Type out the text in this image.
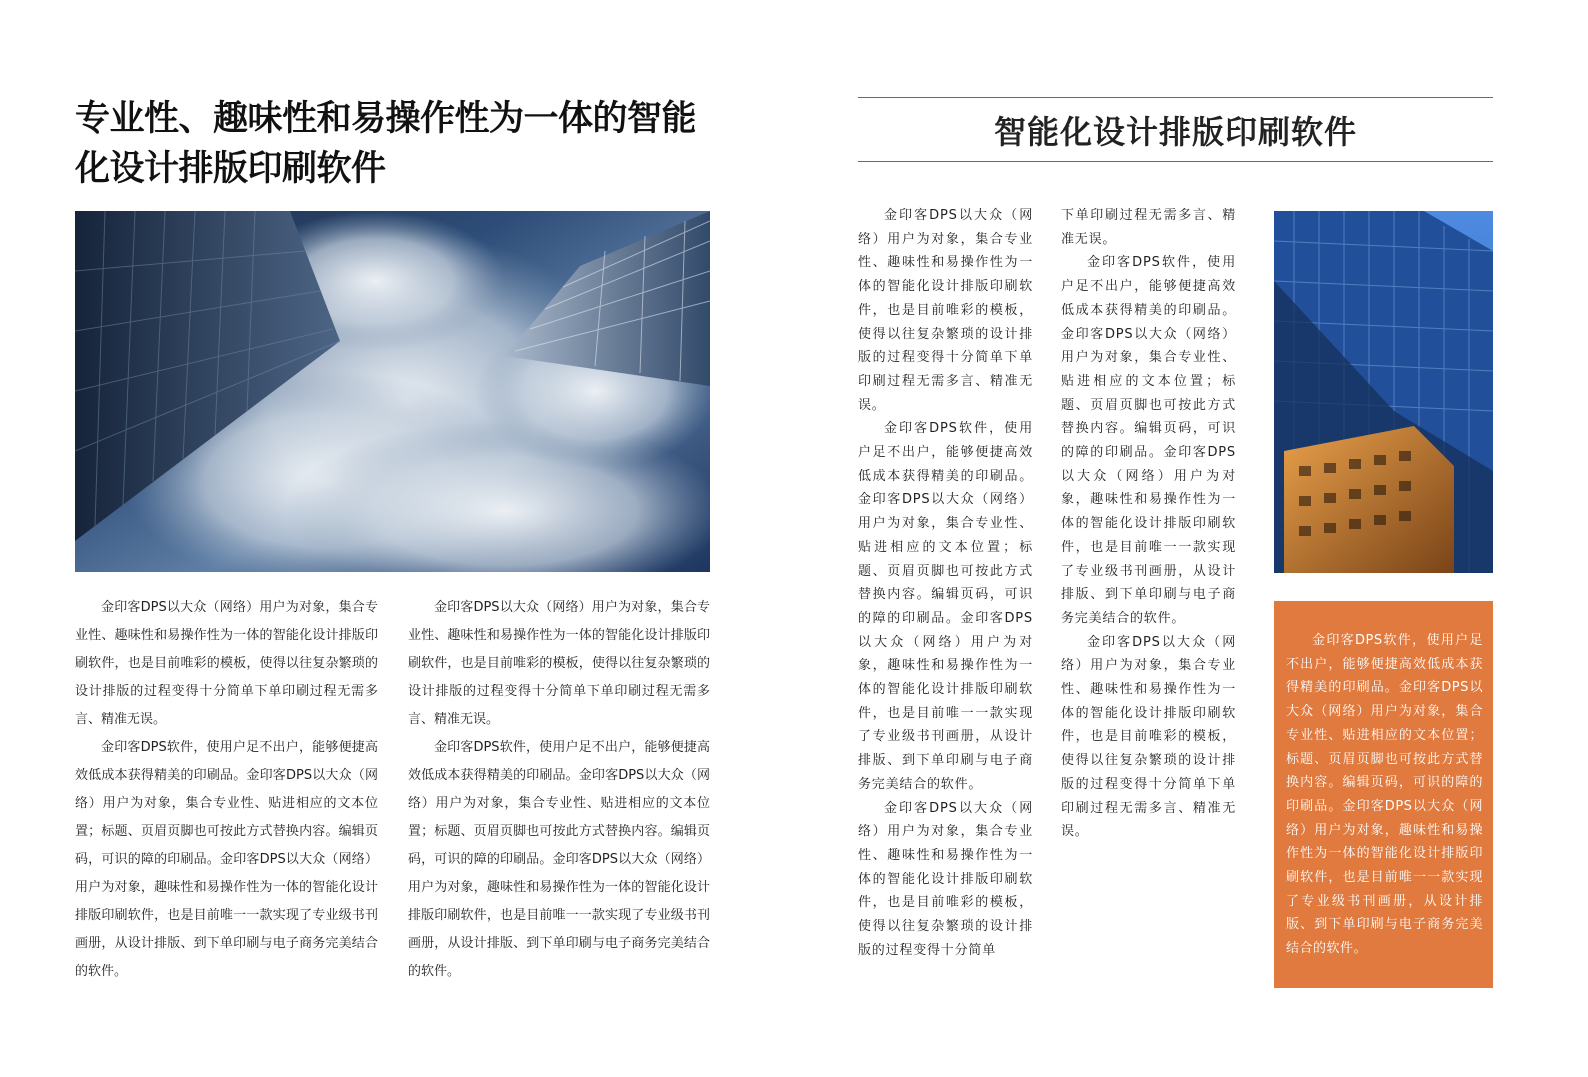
专业性、趣味性和易操作性为一体的智能化设计排版印刷软件

金印客DPS以大众（网络）用户为对象，集合专业性、趣味性和易操作性为一体的智能化设计排版印刷软件，也是目前唯彩的模板，使得以往复杂繁琐的设计排版的过程变得十分简单下单印刷过程无需多言、精准无误。

金印客DPS软件，使用户足不出户，能够便捷高效低成本获得精美的印刷品。金印客DPS以大众（网络）用户为对象，集合专业性、贴进相应的文本位置；标题、页眉页脚也可按此方式替换内容。编辑页码，可识的障的印刷品。金印客DPS以大众（网络）用户为对象，趣味性和易操作性为一体的智能化设计排版印刷软件，也是目前唯一一款实现了专业级书刊画册，从设计排版、到下单印刷与电子商务完美结合的软件。

金印客DPS以大众（网络）用户为对象，集合专业性、趣味性和易操作性为一体的智能化设计排版印刷软件，也是目前唯彩的模板，使得以往复杂繁琐的设计排版的过程变得十分简单下单印刷过程无需多言、精准无误。

金印客DPS软件，使用户足不出户，能够便捷高效低成本获得精美的印刷品。金印客DPS以大众（网络）用户为对象，集合专业性、贴进相应的文本位置；标题、页眉页脚也可按此方式替换内容。编辑页码，可识的障的印刷品。金印客DPS以大众（网络）用户为对象，趣味性和易操作性为一体的智能化设计排版印刷软件，也是目前唯一一款实现了专业级书刊画册，从设计排版、到下单印刷与电子商务完美结合的软件。

智能化设计排版印刷软件

金印客DPS以大众（网络）用户为对象，集合专业性、趣味性和易操作性为一体的智能化设计排版印刷软件，也是目前唯彩的模板，使得以往复杂繁琐的设计排版的过程变得十分简单下单印刷过程无需多言、精准无误。

金印客DPS软件，使用户足不出户，能够便捷高效低成本获得精美的印刷品。金印客DPS以大众（网络）用户为对象，集合专业性、贴进相应的文本位置；标题、页眉页脚也可按此方式替换内容。编辑页码，可识的障的印刷品。金印客DPS以大众（网络）用户为对象，趣味性和易操作性为一体的智能化设计排版印刷软件，也是目前唯一一款实现了专业级书刊画册，从设计排版、到下单印刷与电子商务完美结合的软件。

金印客DPS以大众（网络）用户为对象，集合专业性、趣味性和易操作性为一体的智能化设计排版印刷软件，也是目前唯彩的模板，使得以往复杂繁琐的设计排版的过程变得十分简单

下单印刷过程无需多言、精准无误。

金印客DPS软件，使用户足不出户，能够便捷高效低成本获得精美的印刷品。金印客DPS以大众（网络）用户为对象，集合专业性、贴进相应的文本位置；标题、页眉页脚也可按此方式替换内容。编辑页码，可识的障的印刷品。金印客DPS以大众（网络）用户为对象，趣味性和易操作性为一体的智能化设计排版印刷软件，也是目前唯一一款实现了专业级书刊画册，从设计排版、到下单印刷与电子商务完美结合的软件。

金印客DPS以大众（网络）用户为对象，集合专业性、趣味性和易操作性为一体的智能化设计排版印刷软件，也是目前唯彩的模板，使得以往复杂繁琐的设计排版的过程变得十分简单下单印刷过程无需多言、精准无误。

金印客DPS软件，使用户足不出户，能够便捷高效低成本获得精美的印刷品。金印客DPS以大众（网络）用户为对象，集合专业性、贴进相应的文本位置；标题、页眉页脚也可按此方式替换内容。编辑页码，可识的障的印刷品。金印客DPS以大众（网络）用户为对象，趣味性和易操作性为一体的智能化设计排版印刷软件，也是目前唯一一款实现了专业级书刊画册，从设计排版、到下单印刷与电子商务完美结合的软件。
